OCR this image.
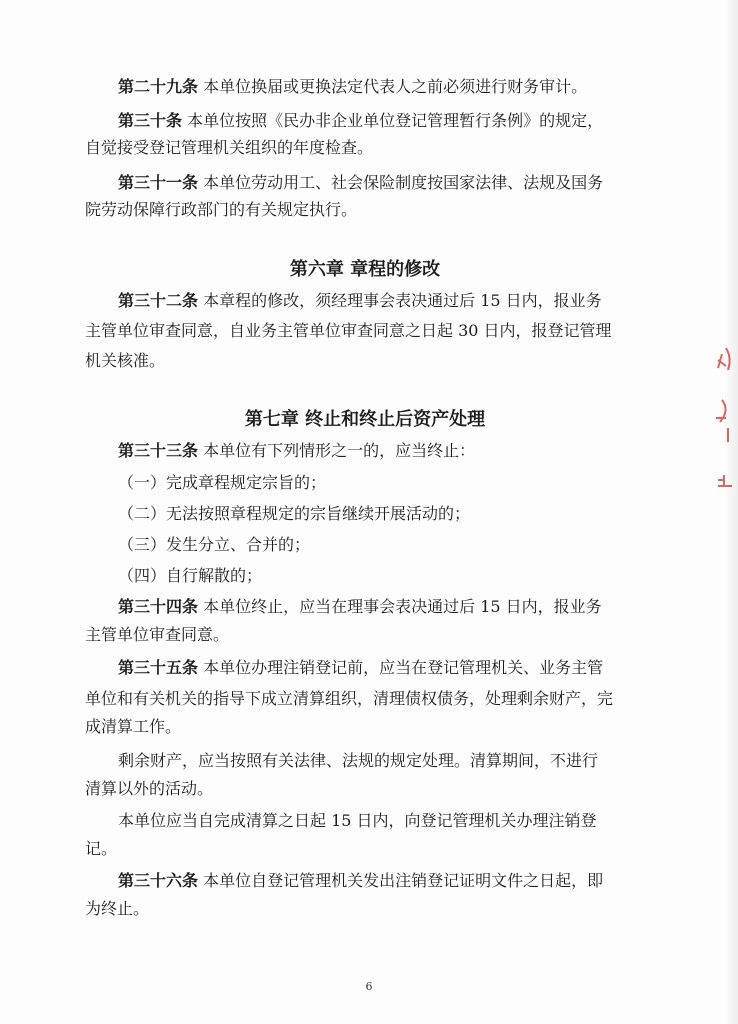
第二十九条 本单位换届或更换法定代表人之前必须进行财务审计。
第三十条 本单位按照《民办非企业单位登记管理暂行条例》的规定，
自觉接受登记管理机关组织的年度检查。
第三十一条 本单位劳动用工、社会保险制度按国家法律、法规及国务
院劳动保障行政部门的有关规定执行。
第六章 章程的修改
第三十二条 本章程的修改，须经理事会表决通过后 15 日内，报业务
主管单位审查同意，自业务主管单位审查同意之日起 30 日内，报登记管理
机关核准。
第七章 终止和终止后资产处理
第三十三条 本单位有下列情形之一的，应当终止：
（一）完成章程规定宗旨的；
（二）无法按照章程规定的宗旨继续开展活动的；
（三）发生分立、合并的；
（四）自行解散的；
第三十四条 本单位终止，应当在理事会表决通过后 15 日内，报业务
主管单位审查同意。
第三十五条 本单位办理注销登记前，应当在登记管理机关、业务主管
单位和有关机关的指导下成立清算组织，清理债权债务，处理剩余财产，完
成清算工作。
剩余财产，应当按照有关法律、法规的规定处理。清算期间，不进行
清算以外的活动。
本单位应当自完成清算之日起 15 日内，向登记管理机关办理注销登
记。
第三十六条 本单位自登记管理机关发出注销登记证明文件之日起，即
为终止。
6
